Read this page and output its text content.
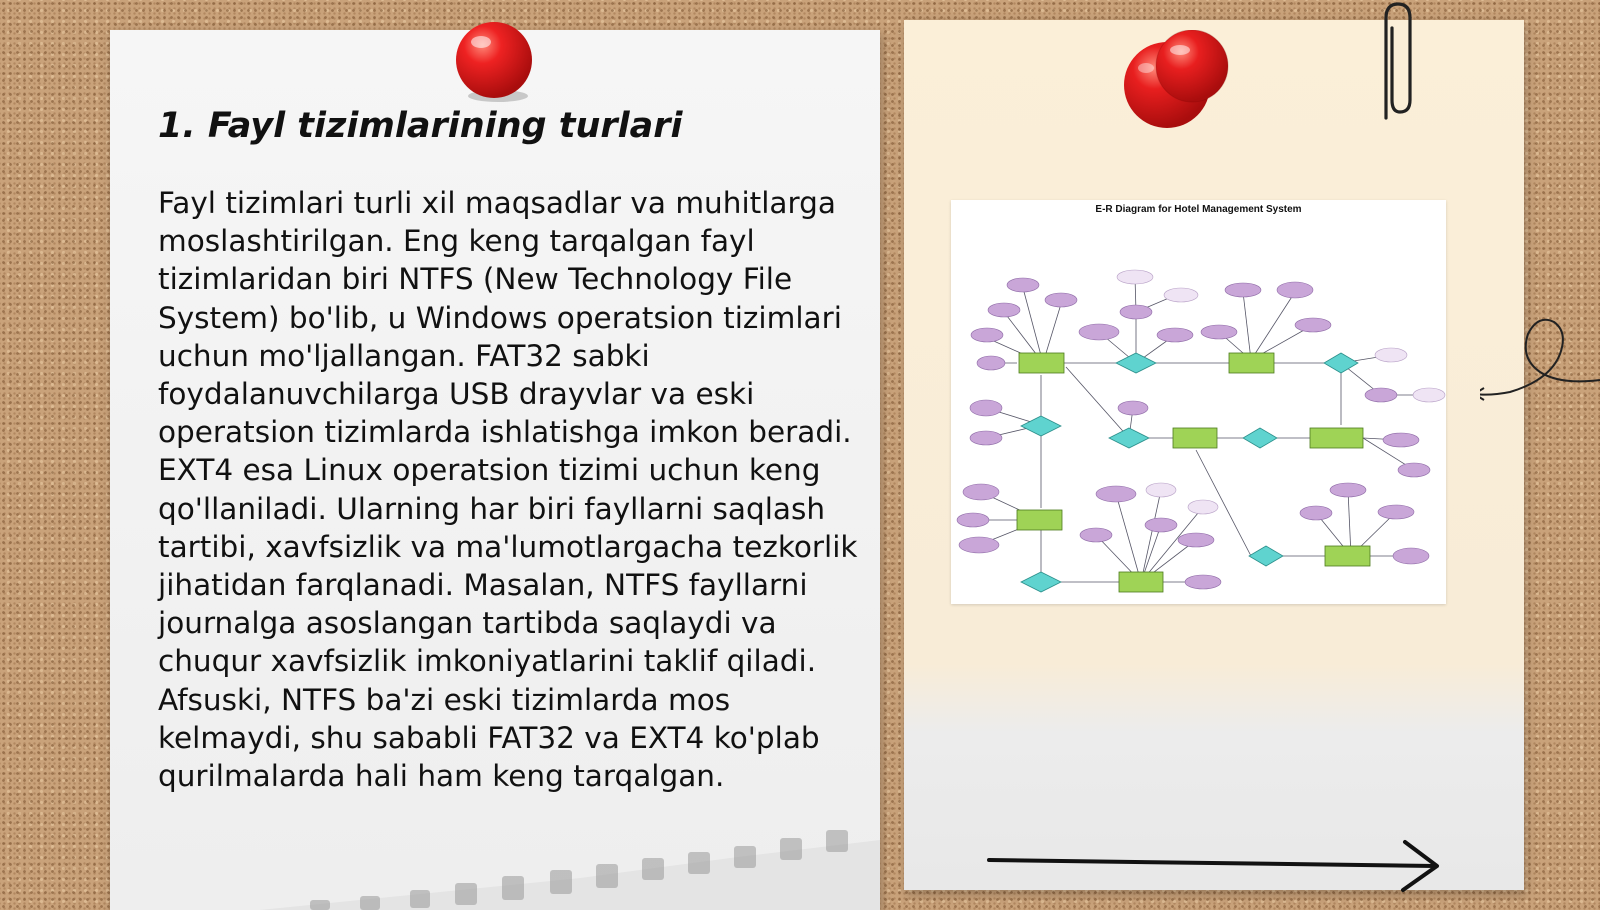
1. Fayl tizimlarining turlari

Fayl tizimlari turli xil maqsadlar va muhitlarga moslashtirilgan. Eng keng tarqalgan fayl tizimlaridan biri NTFS (New Technology File System) bo'lib, u Windows operatsion tizimlari uchun mo'ljallangan. FAT32 sabki foydalanuvchilarga USB drayvlar va eski operatsion tizimlarda ishlatishga imkon beradi. EXT4 esa Linux operatsion tizimi uchun keng qo'llaniladi. Ularning har biri fayllarni saqlash tartibi, xavfsizlik va ma'lumotlargacha tezkorlik jihatidan farqlanadi. Masalan, NTFS fayllarni journalga asoslangan tartibda saqlaydi va chuqur xavfsizlik imkoniyatlarini taklif qiladi. Afsuski, NTFS ba'zi eski tizimlarda mos kelmaydi, shu sababli FAT32 va EXT4 ko'plab qurilmalarda hali ham keng tarqalgan.

E-R Diagram for Hotel Management System
